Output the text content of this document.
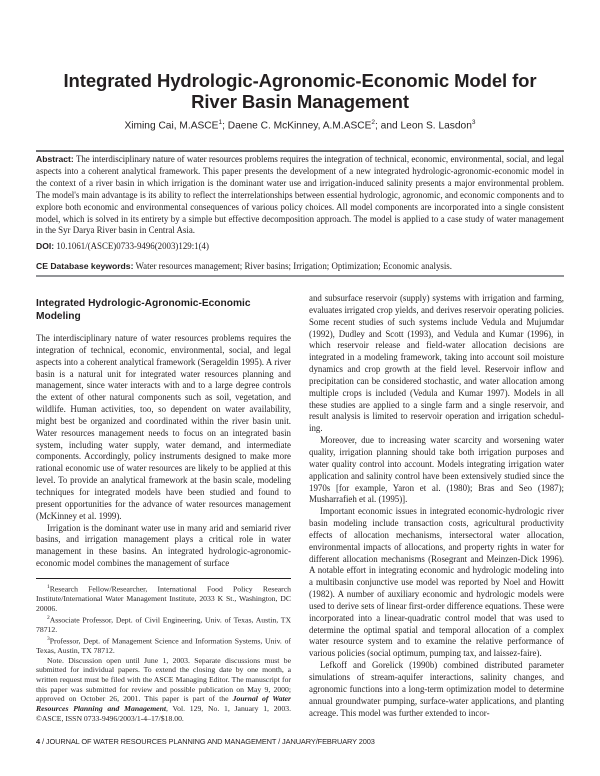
Integrated Hydrologic-Agronomic-Economic Model for River Basin Management
Ximing Cai, M.ASCE$^1$; Daene C. McKinney, A.M.ASCE$^2$; and Leon S. Lasdon$^3$
Abstract: The interdisciplinary nature of water resources problems requires the integration of technical, economic, environmental, social, and legal aspects into a coherent analytical framework. This paper presents the development of a new integrated hydrologic-agronomic-economic model in the context of a river basin in which irrigation is the dominant water use and irrigation-induced salinity presents a major environmental problem. The model's main advantage is its ability to reflect the interrelationships between essential hydrologic, agronomic, and economic components and to explore both economic and environmental consequences of various policy choices. All model components are incorporated into a single consistent model, which is solved in its entirety by a simple but effective decomposition approach. The model is applied to a case study of water management in the Syr Darya River basin in Central Asia.
DOI: 10.1061/(ASCE)0733-9496(2003)129:1(4)
CE Database keywords: Water resources management; River basins; Irrigation; Optimization; Economic analysis.
Integrated Hydrologic-Agronomic-Economic Modeling

The interdisciplinary nature of water resources problems requires the integration of technical, economic, environmental, social, and legal aspects into a coherent analytical framework (Serageldin 1995). A river basin is a natural unit for integrated water resources planning and management, since water interacts with and to a large degree controls the extent of other natural components such as soil, vegetation, and wildlife. Human activities, too, so dependent on water availability, might best be organized and coordinated within the river basin unit. Water resources management needs to focus on an integrated basin system, including water supply, water demand, and intermediate components. Accordingly, policy instruments designed to make more rational economic use of water resources are likely to be applied at this level. To provide an analytical framework at the basin scale, modeling techniques for integrated models have been studied and found to present opportunities for the advance of water resources management (McKinney et al. 1999).

Irrigation is the dominant water use in many arid and semiarid river basins, and irrigation management plays a critical role in water management in these basins. An integrated hydrologic-agronomic-economic model combines the management of surface

$^1$Research Fellow/Researcher, International Food Policy Research Institute/International Water Management Institute, 2033 K St., Washington, DC 20006.

$^2$Associate Professor, Dept. of Civil Engineering, Univ. of Texas, Austin, TX 78712.

$^3$Professor, Dept. of Management Science and Information Systems, Univ. of Texas, Austin, TX 78712.

Note. Discussion open until June 1, 2003. Separate discussions must be submitted for individual papers. To extend the closing date by one month, a written request must be filed with the ASCE Managing Editor. The manuscript for this paper was submitted for review and possible publication on May 9, 2000; approved on October 26, 2001. This paper is part of the Journal of Water Resources Planning and Management, Vol. 129, No. 1, January 1, 2003. ©ASCE, ISSN 0733-9496/2003/1-4–17/$18.00.

and subsurface reservoir (supply) systems with irrigation and farming, evaluates irrigated crop yields, and derives reservoir operating policies. Some recent studies of such systems include Vedula and Mujumdar (1992), Dudley and Scott (1993), and Vedula and Kumar (1996), in which reservoir release and field-water allocation decisions are integrated in a modeling framework, taking into account soil moisture dynamics and crop growth at the field level. Reservoir inflow and precipitation can be considered stochastic, and water allocation among multiple crops is included (Vedula and Kumar 1997). Models in all these studies are applied to a single farm and a single reservoir, and result analysis is limited to reservoir operation and irrigation scheduling.

Moreover, due to increasing water scarcity and worsening water quality, irrigation planning should take both irrigation purposes and water quality control into account. Models integrating irrigation water application and salinity control have been extensively studied since the 1970s [for example, Yaron et al. (1980); Bras and Seo (1987); Musharrafieh et al. (1995)].

Important economic issues in integrated economic-hydrologic river basin modeling include transaction costs, agricultural productivity effects of allocation mechanisms, intersectoral water allocation, environmental impacts of allocations, and property rights in water for different allocation mechanisms (Rosegrant and Meinzen-Dick 1996). A notable effort in integrating economic and hydrologic modeling into a multibasin conjunctive use model was reported by Noel and Howitt (1982). A number of auxiliary economic and hydrologic models were used to derive sets of linear first-order difference equations. These were incorporated into a linear-quadratic control model that was used to determine the optimal spatial and temporal allocation of a complex water resource system and to examine the relative performance of various policies (social optimum, pumping tax, and laissez-faire).

Lefkoff and Gorelick (1990b) combined distributed parameter simulations of stream-aquifer interactions, salinity changes, and agronomic functions into a long-term optimization model to determine annual groundwater pumping, surface-water applications, and planting acreage. This model was further extended to incor-

4 / JOURNAL OF WATER RESOURCES PLANNING AND MANAGEMENT / JANUARY/FEBRUARY 2003
